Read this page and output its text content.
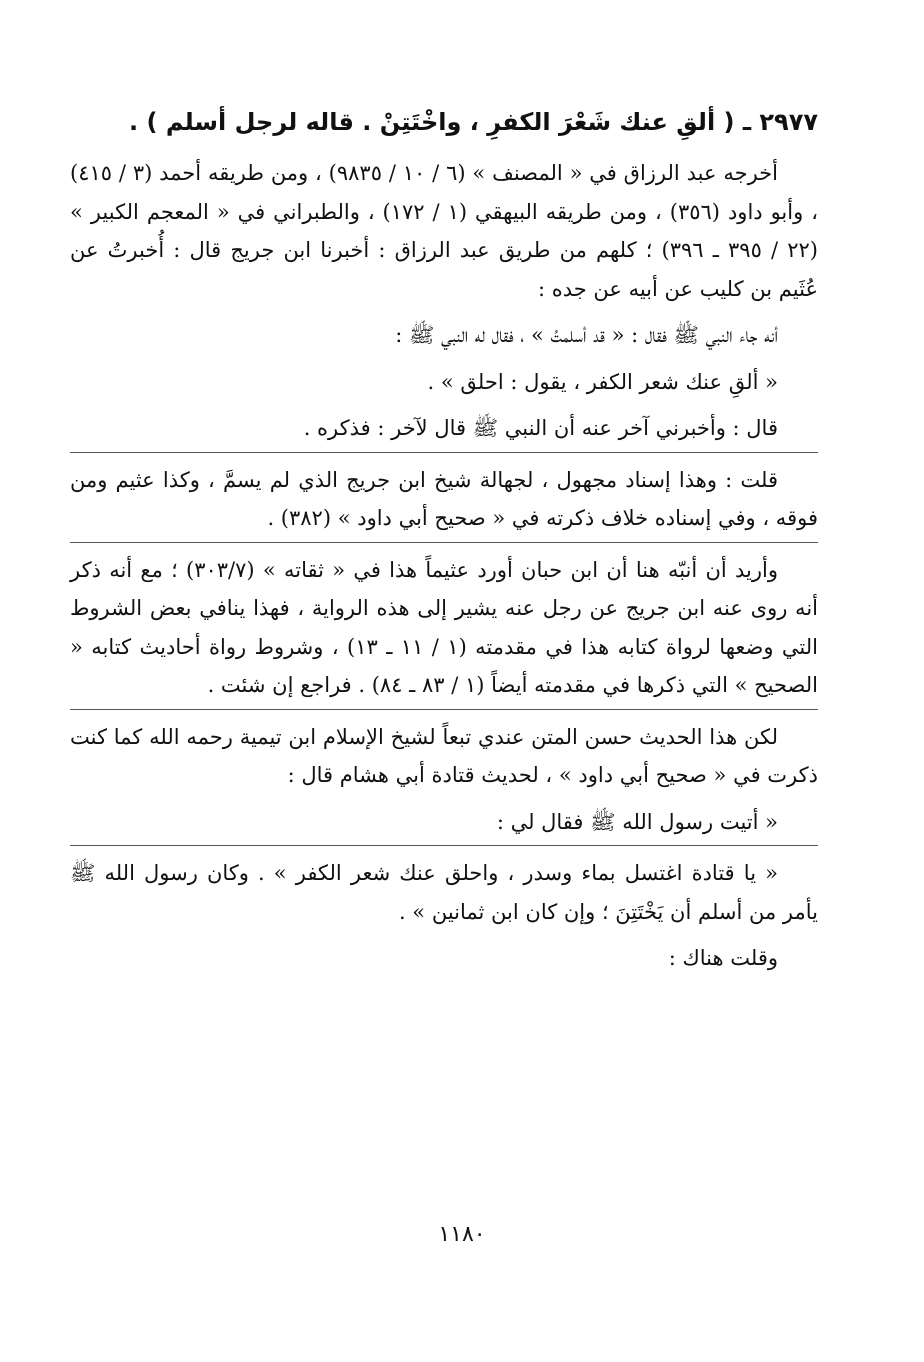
٢٩٧٧ ـ ( ألقِ عنك شَعْرَ الكفرِ ، واخْتَتِنْ . قاله لرجل أسلم ) .

أخرجه عبد الرزاق في « المصنف » (٦ / ١٠ / ٩٨٣٥) ، ومن طريقه أحمد (٣ / ٤١٥) ، وأبو داود (٣٥٦) ، ومن طريقه البيهقي (١ / ١٧٢) ، والطبراني في « المعجم الكبير » (٢٢ / ٣٩٥ ـ ٣٩٦) ؛ كلهم من طريق عبد الرزاق : أخبرنا ابن جريج قال : أُخبرتُ عن عُثَيم بن كليب عن أبيه عن جده :

أنه جاء النبي ﷺ فقال : « قد أسلمتُ » ، فقال له النبي ﷺ :

« ألقِ عنك شعر الكفر ، يقول : احلق » .

قال : وأخبرني آخر عنه أن النبي ﷺ قال لآخر : فذكره .

قلت : وهذا إسناد مجهول ، لجهالة شيخ ابن جريج الذي لم يسمَّ ، وكذا عثيم ومن فوقه ، وفي إسناده خلاف ذكرته في « صحيح أبي داود » (٣٨٢) .

وأريد أن أنبّه هنا أن ابن حبان أورد عثيماً هذا في « ثقاته » (٣٠٣/٧) ؛ مع أنه ذكر أنه روى عنه ابن جريج عن رجل عنه يشير إلى هذه الرواية ، فهذا ينافي بعض الشروط التي وضعها لرواة كتابه هذا في مقدمته (١ / ١١ ـ ١٣) ، وشروط رواة أحاديث كتابه « الصحيح » التي ذكرها في مقدمته أيضاً (١ / ٨٣ ـ ٨٤) . فراجع إن شئت .

لكن هذا الحديث حسن المتن عندي تبعاً لشيخ الإسلام ابن تيمية رحمه الله كما كنت ذكرت في « صحيح أبي داود » ، لحديث قتادة أبي هشام قال :

« أتيت رسول الله ﷺ فقال لي :

« يا قتادة اغتسل بماء وسدر ، واحلق عنك شعر الكفر » . وكان رسول الله ﷺ يأمر من أسلم أن يَخْتَتِنَ ؛ وإن كان ابن ثمانين » .

وقلت هناك :

١١٨٠
